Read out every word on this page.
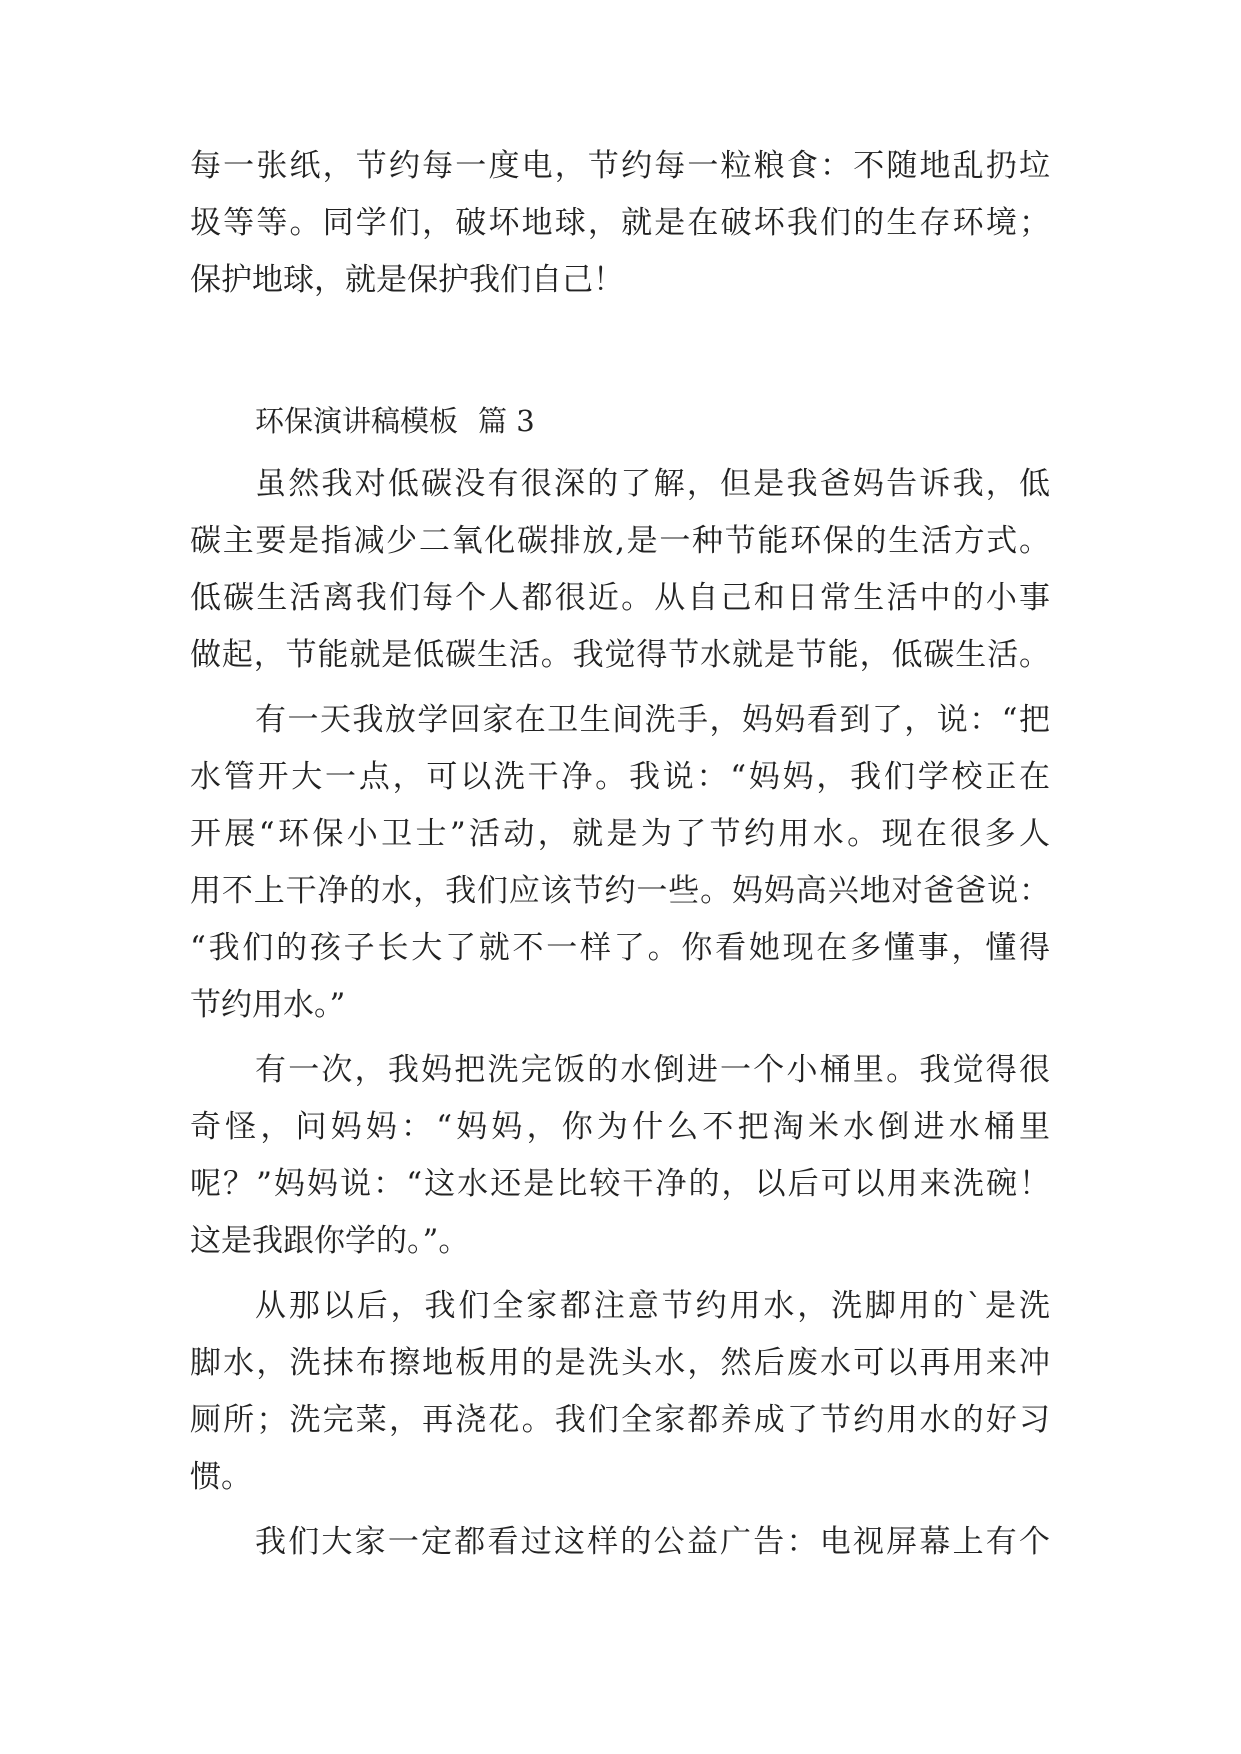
每一张纸，节约每一度电，节约每一粒粮食：不随地乱扔垃
圾等等。同学们，破坏地球，就是在破坏我们的生存环境；
保护地球，就是保护我们自己！
环保演讲稿模板 篇 3
虽然我对低碳没有很深的了解，但是我爸妈告诉我，低
碳主要是指减少二氧化碳排放,是一种节能环保的生活方式。
低碳生活离我们每个人都很近。从自己和日常生活中的小事
做起，节能就是低碳生活。我觉得节水就是节能，低碳生活。
有一天我放学回家在卫生间洗手，妈妈看到了，说：“把
水管开大一点，可以洗干净。我说：“妈妈，我们学校正在
开展“环保小卫士”活动，就是为了节约用水。现在很多人
用不上干净的水，我们应该节约一些。妈妈高兴地对爸爸说：
“我们的孩子长大了就不一样了。你看她现在多懂事，懂得
节约用水。”
有一次，我妈把洗完饭的水倒进一个小桶里。我觉得很
奇怪，问妈妈：“妈妈，你为什么不把淘米水倒进水桶里
呢？”妈妈说：“这水还是比较干净的，以后可以用来洗碗！
这是我跟你学的。”。
从那以后，我们全家都注意节约用水，洗脚用的`是洗
脚水，洗抹布擦地板用的是洗头水，然后废水可以再用来冲
厕所；洗完菜，再浇花。我们全家都养成了节约用水的好习
惯。
我们大家一定都看过这样的公益广告：电视屏幕上有个
